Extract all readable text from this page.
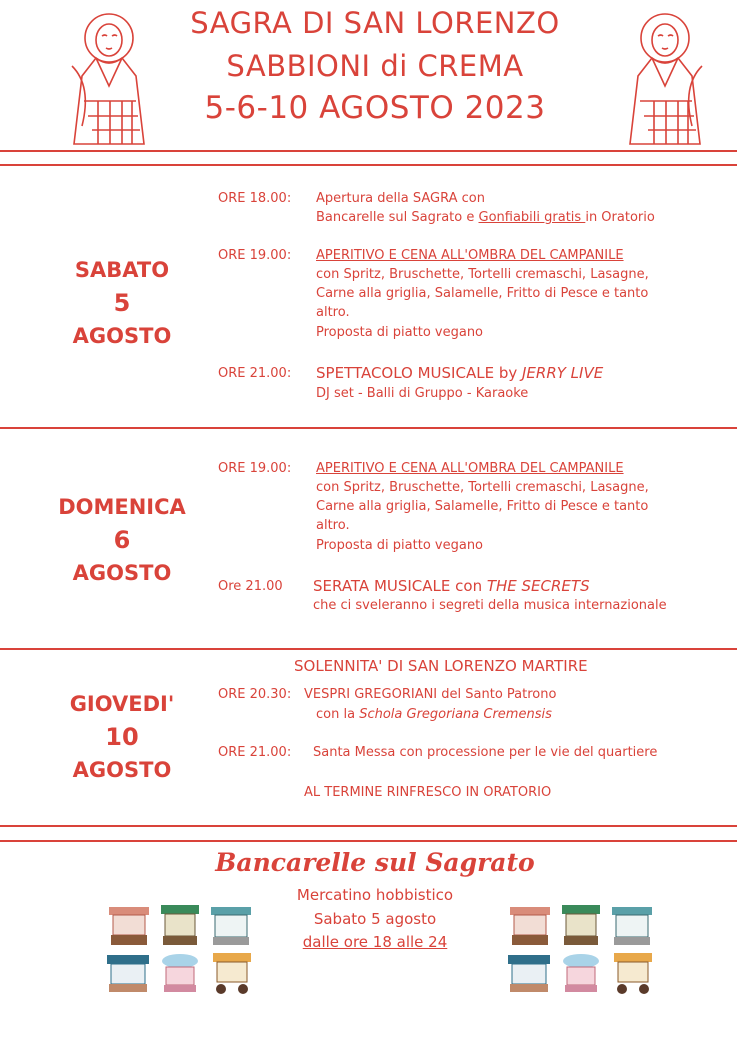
SAGRA DI SAN LORENZO
SABBIONI di CREMA
5-6-10 AGOSTO 2023
SABATO
5
AGOSTO
ORE 18.00: Apertura della SAGRA con
Bancarelle sul Sagrato e Gonfiabili gratis in Oratorio
ORE 19.00: APERITIVO E CENA ALL'OMBRA DEL CAMPANILE
con Spritz, Bruschette, Tortelli cremaschi, Lasagne,
Carne alla griglia, Salamelle, Fritto di Pesce e tanto
altro.
Proposta di piatto vegano
ORE 21.00: SPETTACOLO MUSICALE by JERRY LIVE
DJ set - Balli di Gruppo - Karaoke
DOMENICA
6
AGOSTO
ORE 19.00: APERITIVO E CENA ALL'OMBRA DEL CAMPANILE
con Spritz, Bruschette, Tortelli cremaschi, Lasagne,
Carne alla griglia, Salamelle, Fritto di Pesce e tanto
altro.
Proposta di piatto vegano
Ore 21.00 SERATA MUSICALE con THE SECRETS
che ci sveleranno i segreti della musica internazionale
SOLENNITA' DI SAN LORENZO MARTIRE
GIOVEDI'
10
AGOSTO
ORE 20.30: VESPRI GREGORIANI del Santo Patrono
con la Schola Gregoriana Cremensis
ORE 21.00: Santa Messa con processione per le vie del quartiere
AL TERMINE RINFRESCO IN ORATORIO
Bancarelle sul Sagrato
Mercatino hobbistico
Sabato 5 agosto
dalle ore 18 alle 24
